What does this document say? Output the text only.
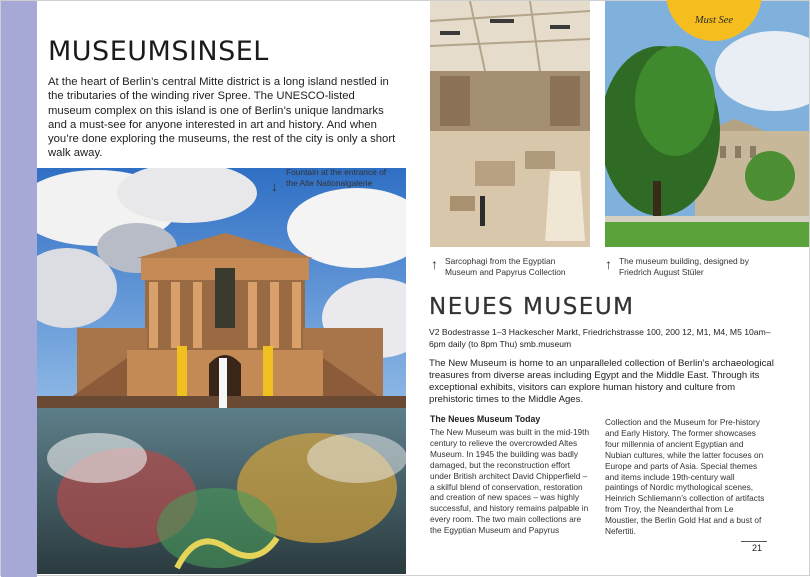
MUSEUMSINSEL

At the heart of Berlin’s central Mitte district is a long island nestled in the tributaries of the winding river Spree. The UNESCO-listed museum complex on this island is one of Berlin’s unique landmarks and a must-see for anyone interested in art and history. And when you’re done exploring the museums, the rest of the city is only a short walk away.

↓
Fountain at the entrance of the Alte Nationalgalerie
Must See
↑ Sarcophagi from the Egyptian Museum and Papyrus Collection	↑ The museum building, designed by Friedrich August Stüler
NEUES MUSEUM
V2 Bodestrasse 1–3 Hackescher Markt, Friedrichstrasse 100, 200 12, M1, M4, M5 10am–6pm daily (to 8pm Thu) smb.museum

The New Museum is home to an unparalleled collection of Berlin’s archaeological treasures from diverse areas including Egypt and the Middle East. Through its exceptional exhibits, visitors can explore human history and culture from prehistoric times to the Middle Ages.

The Neues Museum Today

The New Museum was built in the mid-19th century to relieve the overcrowded Altes Museum. In 1945 the building was badly damaged, but the reconstruction effort under British architect David Chipperfield – a skilful blend of conservation, restoration and creation of new spaces – was highly successful, and history remains palpable in every room. The two main collections are the Egyptian Museum and Papyrus

Collection and the Museum for Pre-history and Early History. The former showcases four millennia of ancient Egyptian and Nubian cultures, while the latter focuses on Europe and parts of Asia. Special themes and items include 19th-century wall paintings of Nordic mythological scenes, Heinrich Schliemann’s collection of artifacts from Troy, the Neanderthal from Le Moustier, the Berlin Gold Hat and a bust of Nefertiti.

21
